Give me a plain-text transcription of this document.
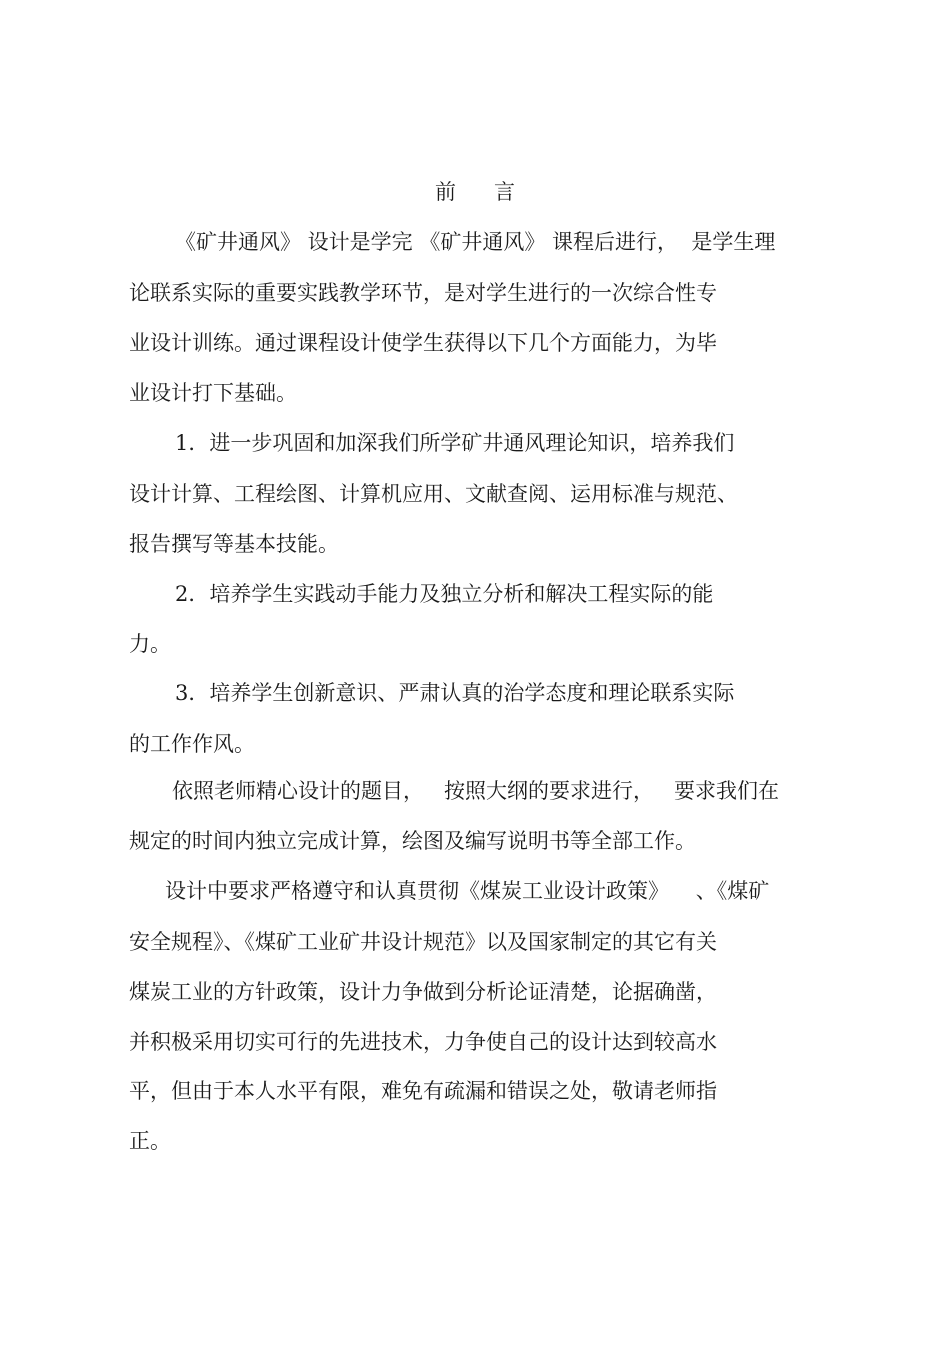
前 言
《矿井通风》 设计是学完 《矿井通风》 课程后进行，  是学生理
论联系实际的重要实践教学环节，是对学生进行的一次综合性专
业设计训练。通过课程设计使学生获得以下几个方面能力，为毕
业设计打下基础。
1．进一步巩固和加深我们所学矿井通风理论知识，培养我们
设计计算、工程绘图、计算机应用、文献查阅、运用标准与规范、
报告撰写等基本技能。
2．培养学生实践动手能力及独立分析和解决工程实际的能
力。
3．培养学生创新意识、严肃认真的治学态度和理论联系实际
的工作作风。
依照老师精心设计的题目，   按照大纲的要求进行，   要求我们在
规定的时间内独立完成计算，绘图及编写说明书等全部工作。
设计中要求严格遵守和认真贯彻《煤炭工业设计政策》    、《煤矿
安全规程》、《煤矿工业矿井设计规范》以及国家制定的其它有关
煤炭工业的方针政策，设计力争做到分析论证清楚，论据确凿，
并积极采用切实可行的先进技术，力争使自己的设计达到较高水
平，但由于本人水平有限，难免有疏漏和错误之处，敬请老师指
正。
